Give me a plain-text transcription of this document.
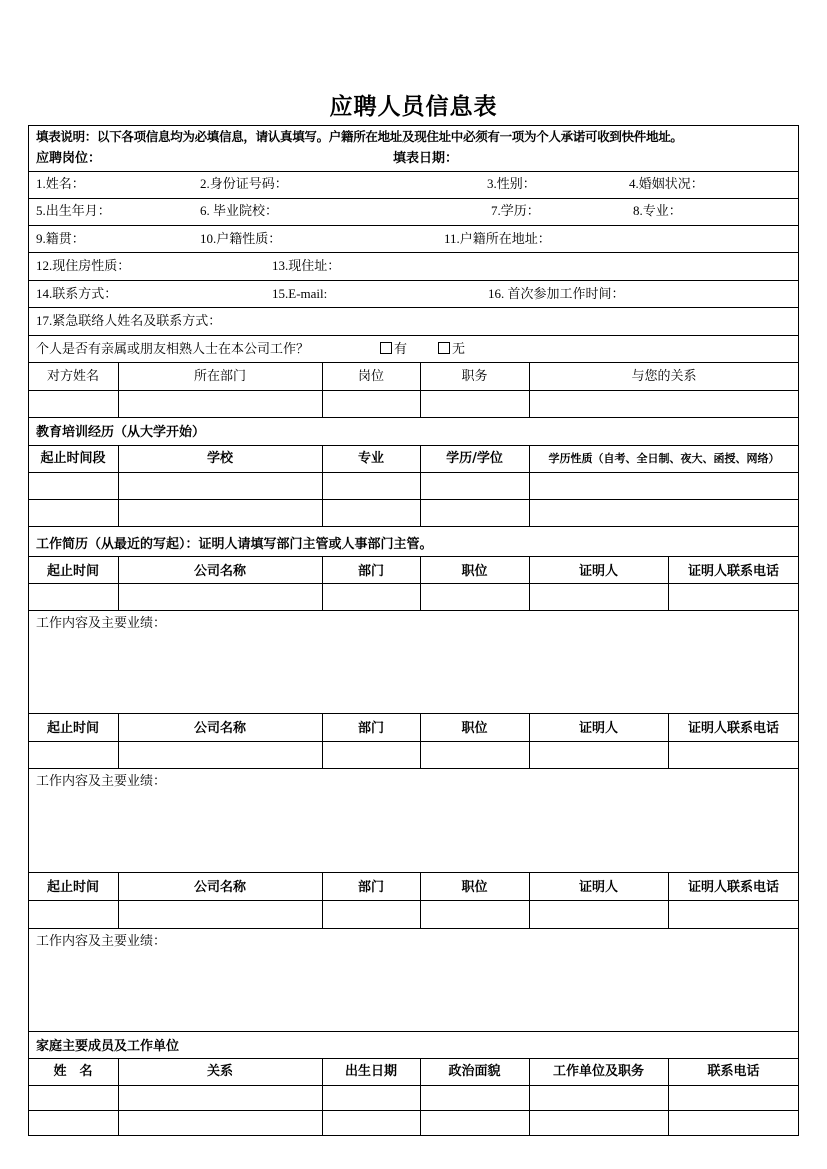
应聘人员信息表
填表说明：以下各项信息均为必填信息，请认真填写。户籍所在地址及现住址中必须有一项为个人承诺可收到快件地址。
应聘岗位：	填表日期：
1.姓名：	2.身份证号码：	3.性别：	4.婚姻状况：
5.出生年月：	6. 毕业院校：	7.学历：	8.专业：
9.籍贯：	10.户籍性质：	11.户籍所在地址：
12.现住房性质：	13.现住址：
14.联系方式：	15.E-mail:	16. 首次参加工作时间：
17.紧急联络人姓名及联系方式：
个人是否有亲属或朋友相熟人士在本公司工作？	有	无
对方姓名	所在部门	岗位	职务	与您的关系
教育培训经历（从大学开始）
起止时间段	学校	专业	学历/学位	学历性质（自考、全日制、夜大、函授、网络）
工作简历（从最近的写起）：证明人请填写部门主管或人事部门主管。
起止时间	公司名称	部门	职位	证明人	证明人联系电话
工作内容及主要业绩：
起止时间	公司名称	部门	职位	证明人	证明人联系电话
工作内容及主要业绩：
起止时间	公司名称	部门	职位	证明人	证明人联系电话
工作内容及主要业绩：
家庭主要成员及工作单位
姓　名	关系	出生日期	政治面貌	工作单位及职务	联系电话
